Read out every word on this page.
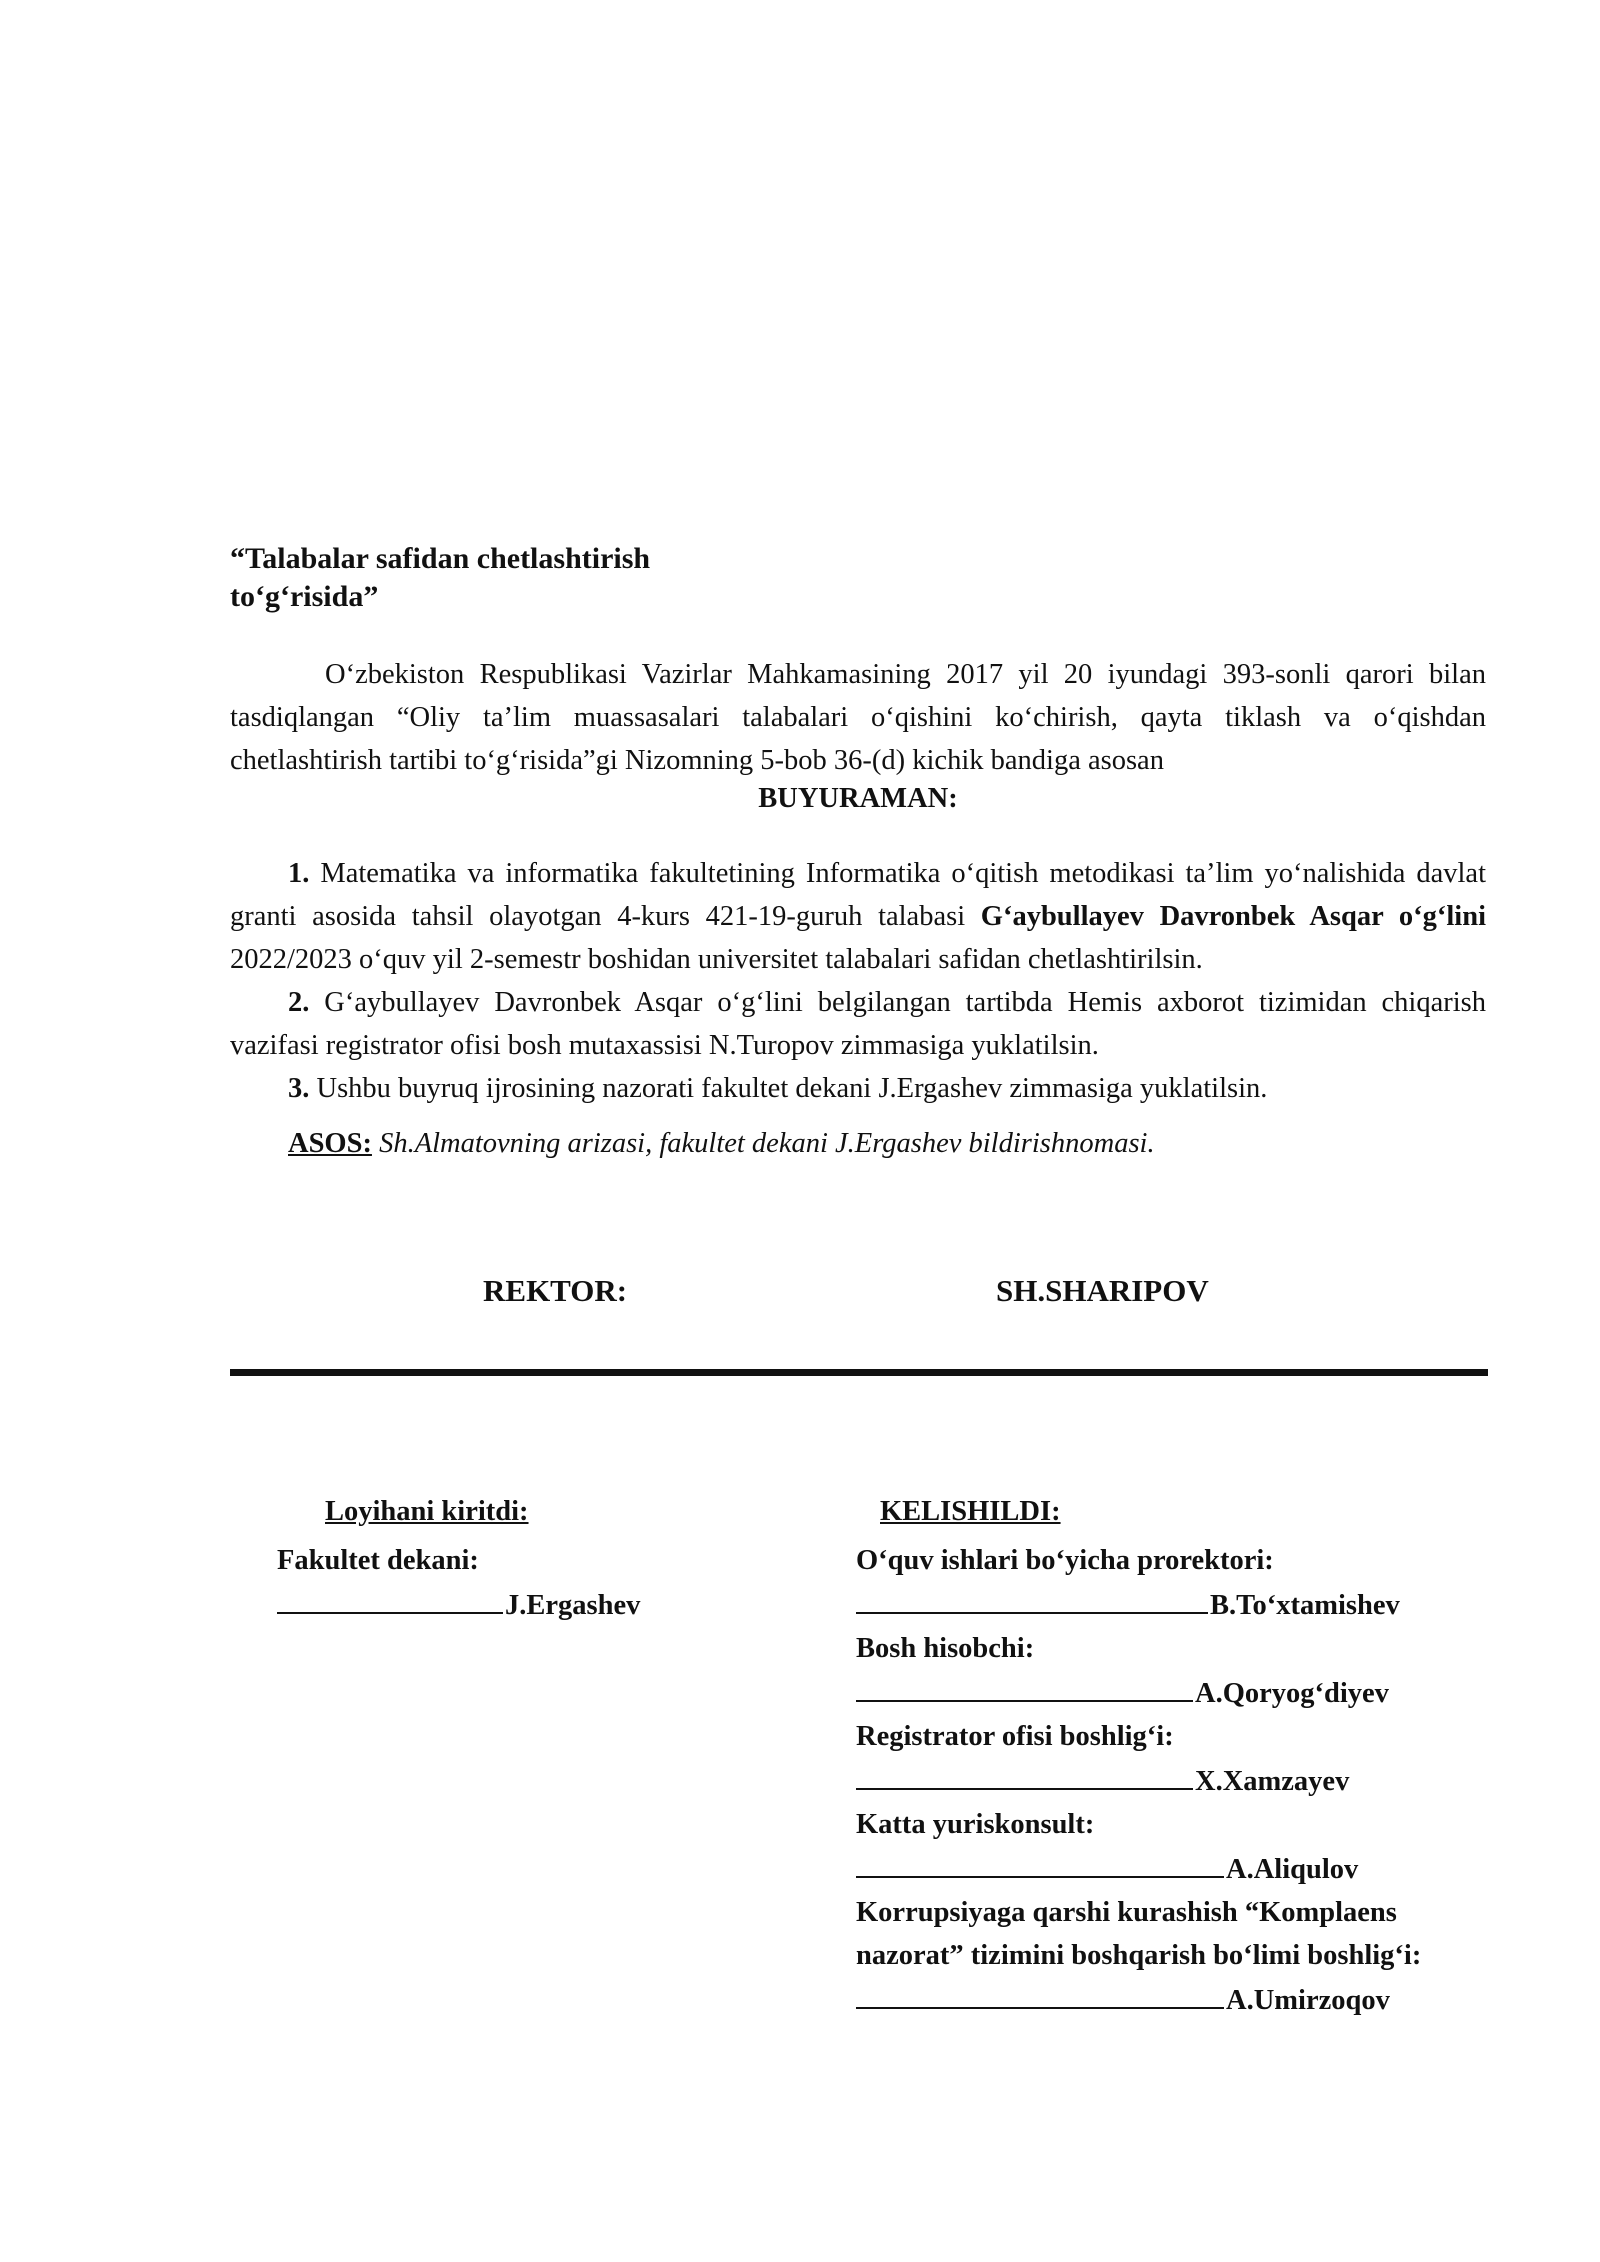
“Talabalar safidan chetlashtirish
to‘g‘risida”

O‘zbekiston Respublikasi Vazirlar Mahkamasining 2017 yil 20 iyundagi 393-sonli qarori bilan tasdiqlangan “Oliy ta’lim muassasalari talabalari o‘qishini ko‘chirish, qayta tiklash va o‘qishdan chetlashtirish tartibi to‘g‘risida”gi Nizomning 5-bob 36-(d) kichik bandiga asosan

BUYURAMAN:

1. Matematika va informatika fakultetining Informatika o‘qitish metodikasi ta’lim yo‘nalishida davlat granti asosida tahsil olayotgan 4-kurs 421-19-guruh talabasi G‘aybullayev Davronbek Asqar o‘g‘lini 2022/2023 o‘quv yil 2-semestr boshidan universitet talabalari safidan chetlashtirilsin.

2. G‘aybullayev Davronbek Asqar o‘g‘lini belgilangan tartibda Hemis axborot tizimidan chiqarish vazifasi registrator ofisi bosh mutaxassisi N.Turopov zimmasiga yuklatilsin.

3. Ushbu buyruq ijrosining nazorati fakultet dekani J.Ergashev zimmasiga yuklatilsin.

ASOS: Sh.Almatovning arizasi, fakultet dekani J.Ergashev bildirishnomasi.
REKTOR:	SH.SHARIPOV
Loyihani kiritdi:
Fakultet dekani:
J.Ergashev
KELISHILDI:
O‘quv ishlari bo‘yicha prorektori:
B.To‘xtamishev
Bosh hisobchi:
A.Qoryog‘diyev
Registrator ofisi boshlig‘i:
X.Xamzayev
Katta yuriskonsult:
A.Aliqulov
Korrupsiyaga qarshi kurashish “Komplaens nazorat” tizimini boshqarish bo‘limi boshlig‘i:
A.Umirzoqov
